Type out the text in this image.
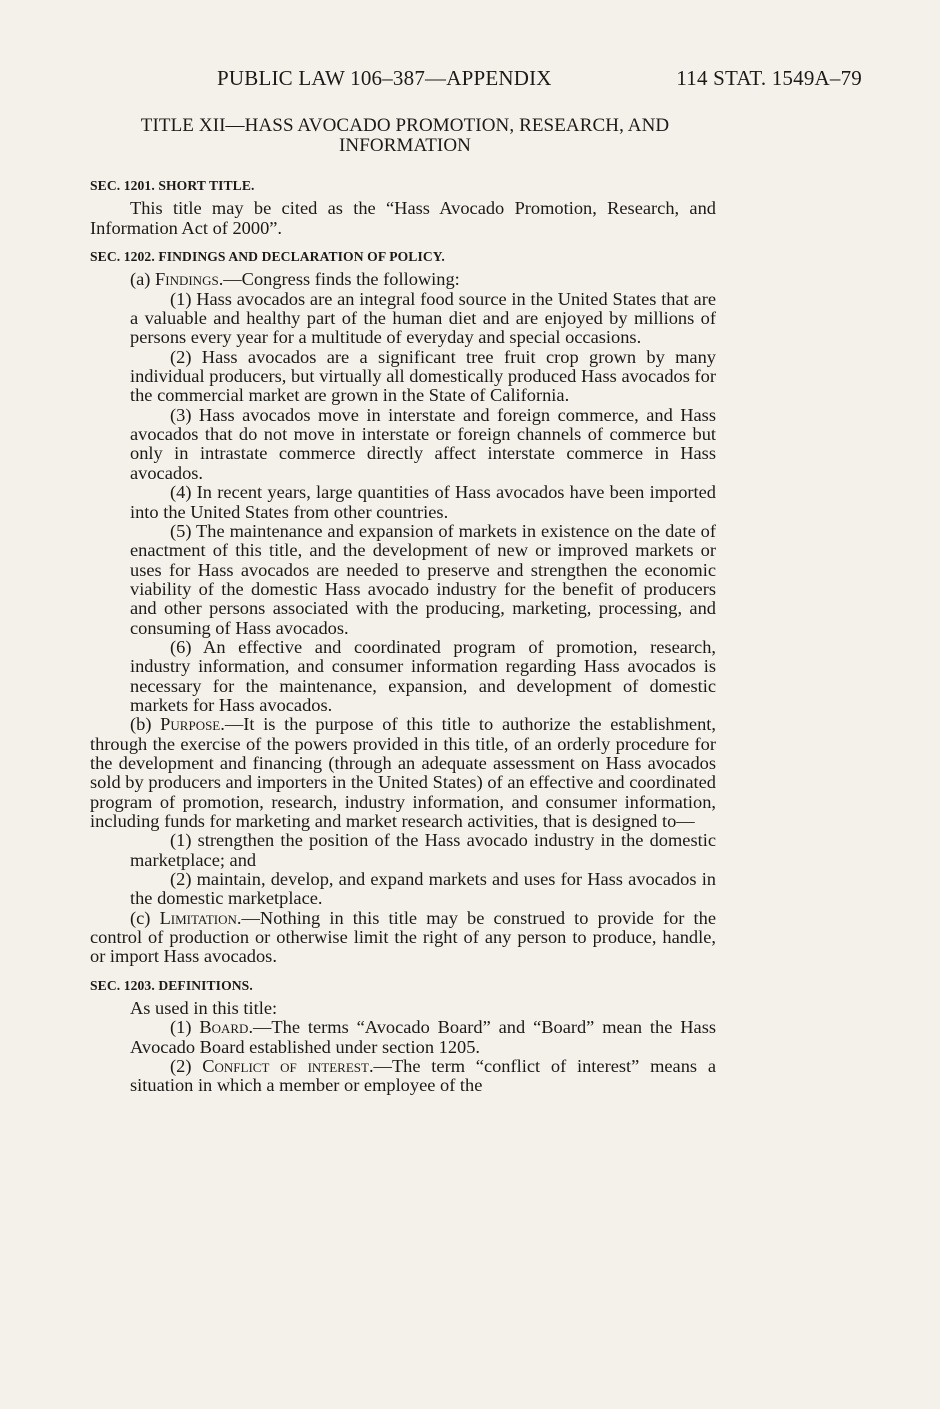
PUBLIC LAW 106–387—APPENDIX	114 STAT. 1549A–79
TITLE XII—HASS AVOCADO PROMOTION, RESEARCH, AND
INFORMATION
SEC. 1201. SHORT TITLE.

This title may be cited as the “Hass Avocado Promotion, Research, and Information Act of 2000”.

SEC. 1202. FINDINGS AND DECLARATION OF POLICY.

(a) Findings.—Congress finds the following:

(1) Hass avocados are an integral food source in the United States that are a valuable and healthy part of the human diet and are enjoyed by millions of persons every year for a multitude of everyday and special occasions.

(2) Hass avocados are a significant tree fruit crop grown by many individual producers, but virtually all domestically produced Hass avocados for the commercial market are grown in the State of California.

(3) Hass avocados move in interstate and foreign commerce, and Hass avocados that do not move in interstate or foreign channels of commerce but only in intrastate commerce directly affect interstate commerce in Hass avocados.

(4) In recent years, large quantities of Hass avocados have been imported into the United States from other countries.

(5) The maintenance and expansion of markets in existence on the date of enactment of this title, and the development of new or improved markets or uses for Hass avocados are needed to preserve and strengthen the economic viability of the domestic Hass avocado industry for the benefit of producers and other persons associated with the producing, marketing, processing, and consuming of Hass avocados.

(6) An effective and coordinated program of promotion, research, industry information, and consumer information regarding Hass avocados is necessary for the maintenance, expansion, and development of domestic markets for Hass avocados.

(b) Purpose.—It is the purpose of this title to authorize the establishment, through the exercise of the powers provided in this title, of an orderly procedure for the development and financing (through an adequate assessment on Hass avocados sold by producers and importers in the United States) of an effective and coordinated program of promotion, research, industry information, and consumer information, including funds for marketing and market research activities, that is designed to—

(1) strengthen the position of the Hass avocado industry in the domestic marketplace; and

(2) maintain, develop, and expand markets and uses for Hass avocados in the domestic marketplace.

(c) Limitation.—Nothing in this title may be construed to provide for the control of production or otherwise limit the right of any person to produce, handle, or import Hass avocados.

SEC. 1203. DEFINITIONS.

As used in this title:

(1) Board.—The terms “Avocado Board” and “Board” mean the Hass Avocado Board established under section 1205.

(2) Conflict of interest.—The term “conflict of interest” means a situation in which a member or employee of the
